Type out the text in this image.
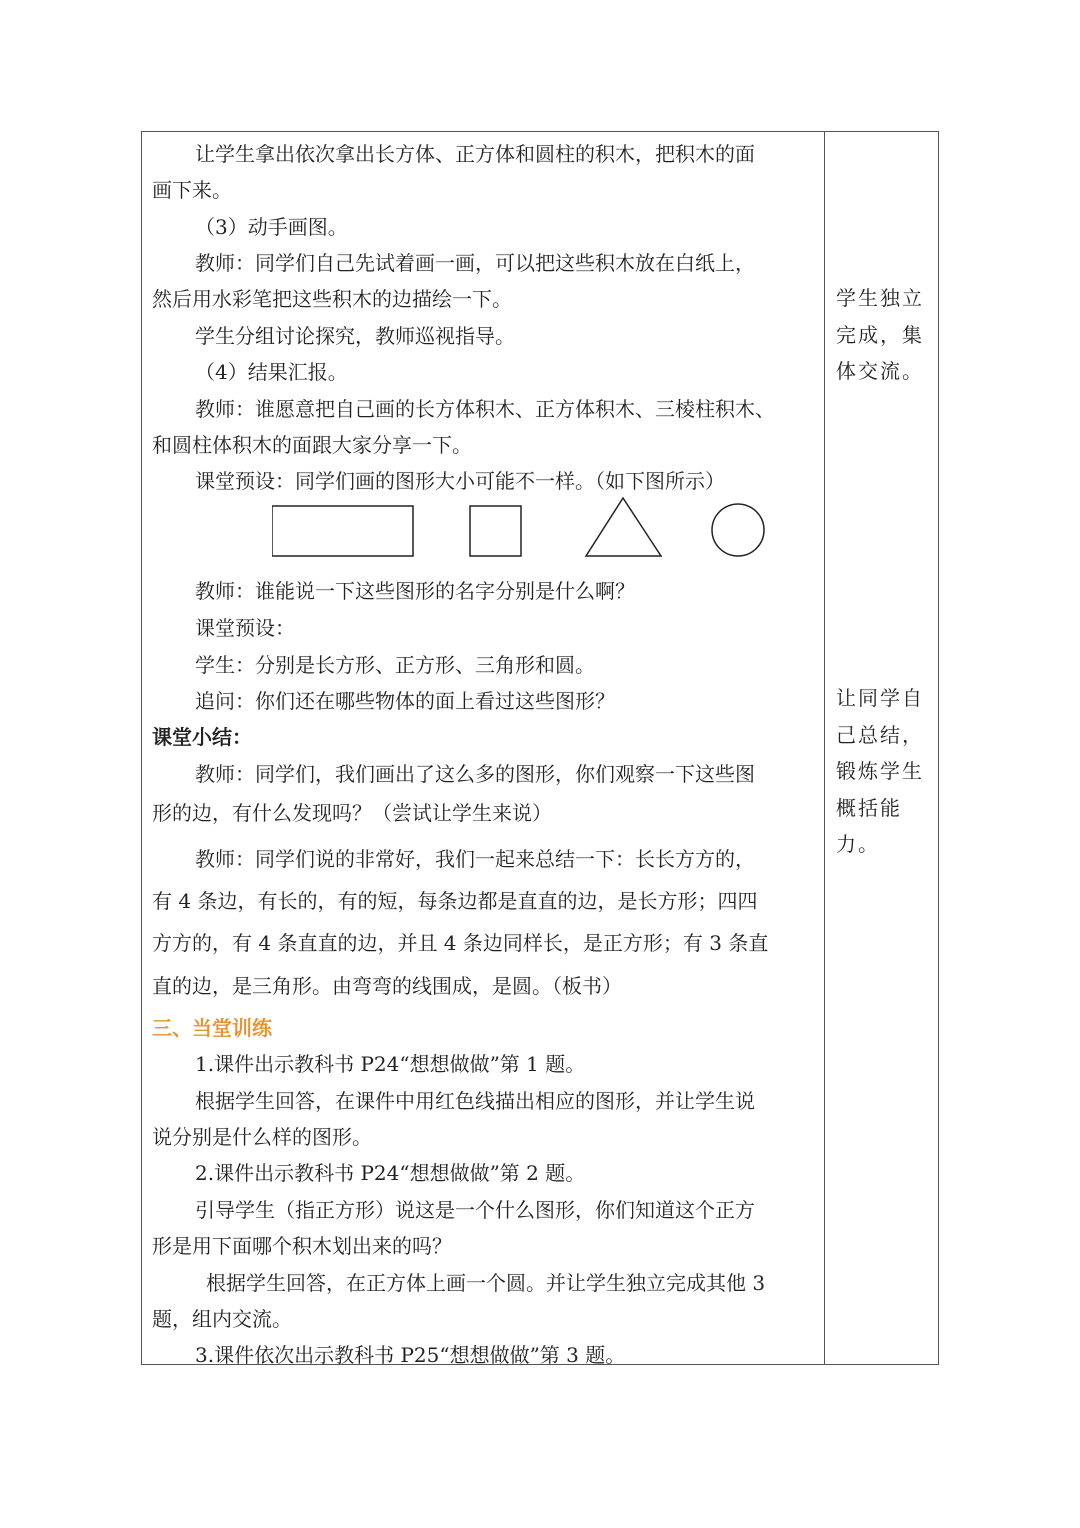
让学生拿出依次拿出长方体、正方体和圆柱的积木，把积木的面
画下来。
（3）动手画图。
教师：同学们自己先试着画一画，可以把这些积木放在白纸上，
然后用水彩笔把这些积木的边描绘一下。
学生分组讨论探究，教师巡视指导。
（4）结果汇报。
教师：谁愿意把自己画的长方体积木、正方体积木、三棱柱积木、
和圆柱体积木的面跟大家分享一下。
课堂预设：同学们画的图形大小可能不一样。（如下图所示）
教师：谁能说一下这些图形的名字分别是什么啊？
课堂预设：
学生：分别是长方形、正方形、三角形和圆。
追问：你们还在哪些物体的面上看过这些图形？
课堂小结：
教师：同学们，我们画出了这么多的图形，你们观察一下这些图
形的边，有什么发现吗？（尝试让学生来说）
教师：同学们说的非常好，我们一起来总结一下：长长方方的，
有 4 条边，有长的，有的短，每条边都是直直的边，是长方形；四四
方方的，有 4 条直直的边，并且 4 条边同样长，是正方形；有 3 条直
直的边，是三角形。由弯弯的线围成，是圆。（板书）
三、当堂训练
1.课件出示教科书 P24“想想做做”第 1 题。
根据学生回答，在课件中用红色线描出相应的图形，并让学生说
说分别是什么样的图形。
2.课件出示教科书 P24“想想做做”第 2 题。
引导学生（指正方形）说这是一个什么图形，你们知道这个正方
形是用下面哪个积木划出来的吗？
根据学生回答，在正方体上画一个圆。并让学生独立完成其他 3
题，组内交流。
3.课件依次出示教科书 P25“想想做做”第 3 题。
学生独立
完成，集
体交流。
让同学自
己总结，
锻炼学生
概括能
力。
